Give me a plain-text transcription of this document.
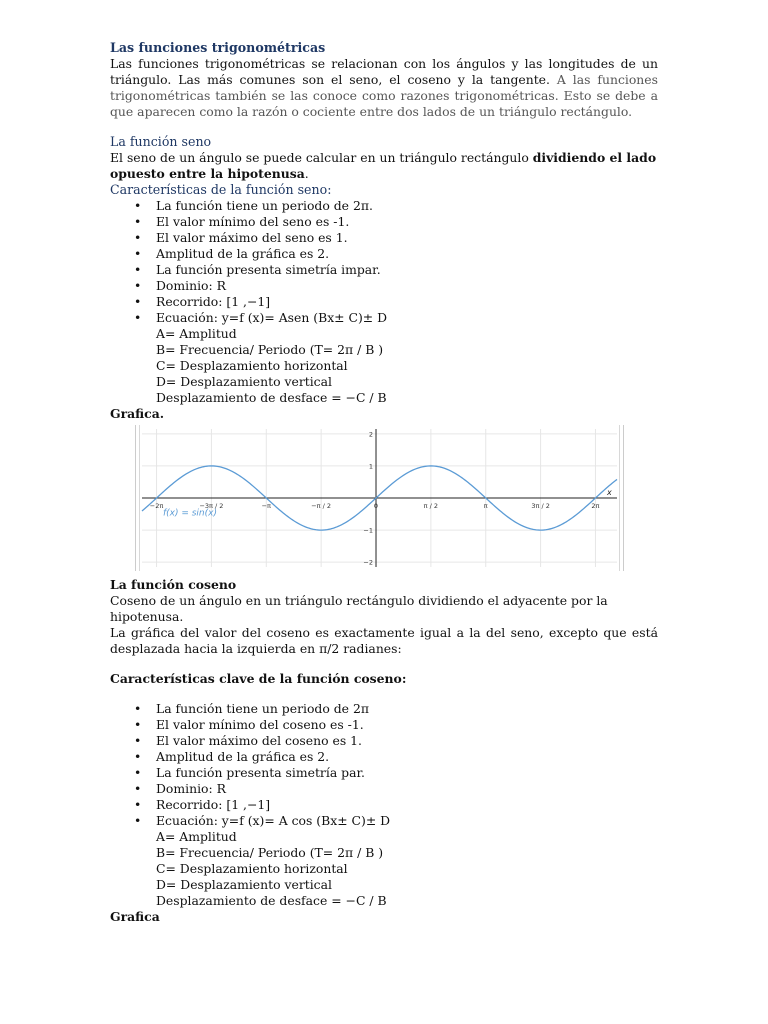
Las funciones trigonométricas
Las funciones trigonométricas se relacionan con los ángulos y las longitudes de un triángulo. Las más comunes son el seno, el coseno y la tangente. A las funciones trigonométricas también se las conoce como razones trigonométricas. Esto se debe a que aparecen como la razón o cociente entre dos lados de un triángulo rectángulo.
La función seno
El seno de un ángulo se puede calcular en un triángulo rectángulo dividiendo el lado opuesto entre la hipotenusa.
Características de la función seno:
• La función tiene un periodo de 2π.
• El valor mínimo del seno es -1.
• El valor máximo del seno es 1.
• Amplitud de la gráfica es 2.
• La función presenta simetría impar.
• Dominio: R
• Recorrido: [1 ,−1]
• Ecuación: y=f (x)= Asen (Bx± C)± D
A= Amplitud
B= Frecuencia/ Periodo (T= 2π / B )
C= Desplazamiento horizontal
D= Desplazamiento vertical
Desplazamiento de desface = −C / B
Grafica.
−2π	−3π / 2	−π	−π / 2	0	π / 2	π	3π / 2	2π
2
1
−1
−2
x
f(x) = sin(x)
La función coseno
Coseno de un ángulo en un triángulo rectángulo dividiendo el adyacente por la hipotenusa.
La gráfica del valor del coseno es exactamente igual a la del seno, excepto que está desplazada hacia la izquierda en π/2 radianes:
Características clave de la función coseno:
• La función tiene un periodo de 2π
• El valor mínimo del coseno es -1.
• El valor máximo del coseno es 1.
• Amplitud de la gráfica es 2.
• La función presenta simetría par.
• Dominio: R
• Recorrido: [1 ,−1]
• Ecuación: y=f (x)= A cos (Bx± C)± D
A= Amplitud
B= Frecuencia/ Periodo (T= 2π / B )
C= Desplazamiento horizontal
D= Desplazamiento vertical
Desplazamiento de desface = −C / B
Grafica
